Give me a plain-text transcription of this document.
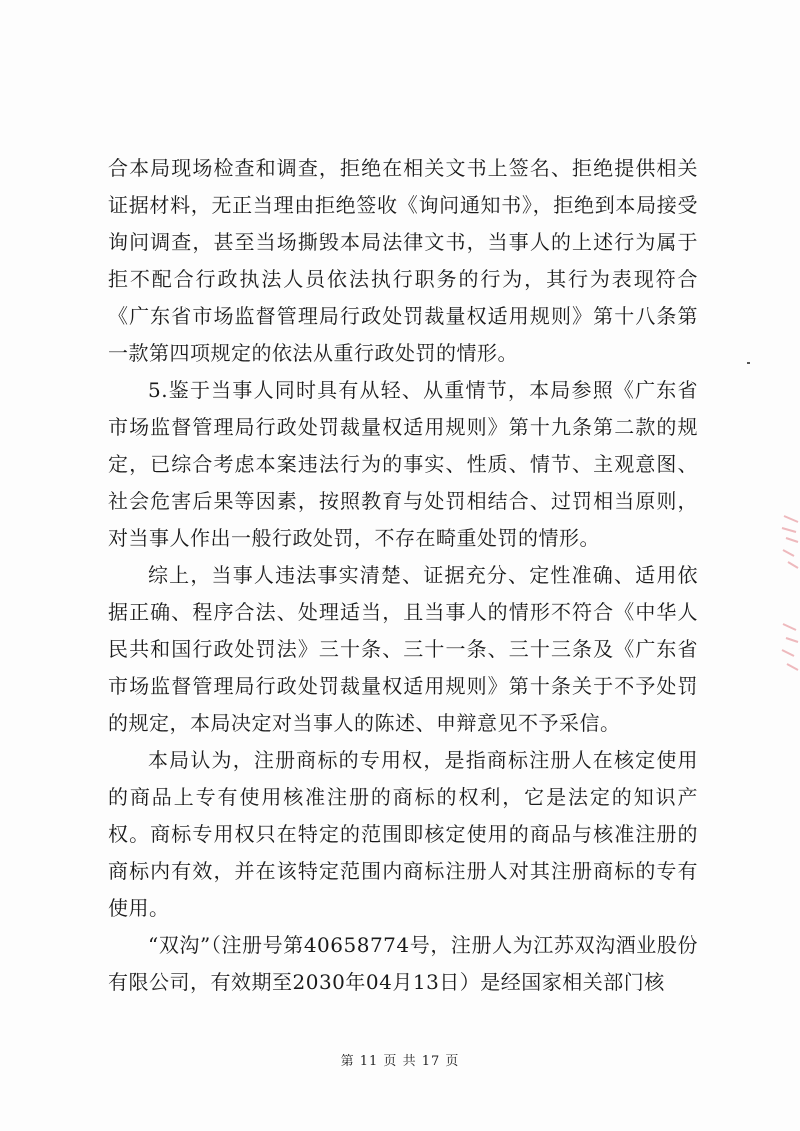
合本局现场检查和调查，拒绝在相关文书上签名、拒绝提供相关证据材料，无正当理由拒绝签收《询问通知书》，拒绝到本局接受询问调查，甚至当场撕毁本局法律文书，当事人的上述行为属于拒不配合行政执法人员依法执行职务的行为，其行为表现符合《广东省市场监督管理局行政处罚裁量权适用规则》第十八条第一款第四项规定的依法从重行政处罚的情形。

5.鉴于当事人同时具有从轻、从重情节，本局参照《广东省市场监督管理局行政处罚裁量权适用规则》第十九条第二款的规定，已综合考虑本案违法行为的事实、性质、情节、主观意图、社会危害后果等因素，按照教育与处罚相结合、过罚相当原则，对当事人作出一般行政处罚，不存在畸重处罚的情形。

综上，当事人违法事实清楚、证据充分、定性准确、适用依据正确、程序合法、处理适当，且当事人的情形不符合《中华人民共和国行政处罚法》三十条、三十一条、三十三条及《广东省市场监督管理局行政处罚裁量权适用规则》第十条关于不予处罚的规定，本局决定对当事人的陈述、申辩意见不予采信。

本局认为，注册商标的专用权，是指商标注册人在核定使用的商品上专有使用核准注册的商标的权利，它是法定的知识产权。商标专用权只在特定的范围即核定使用的商品与核准注册的商标内有效，并在该特定范围内商标注册人对其注册商标的专有使用。

“双沟”（注册号第40658774号，注册人为江苏双沟酒业股份有限公司，有效期至2030年04月13日）是经国家相关部门核

第 11 页 共 17 页
